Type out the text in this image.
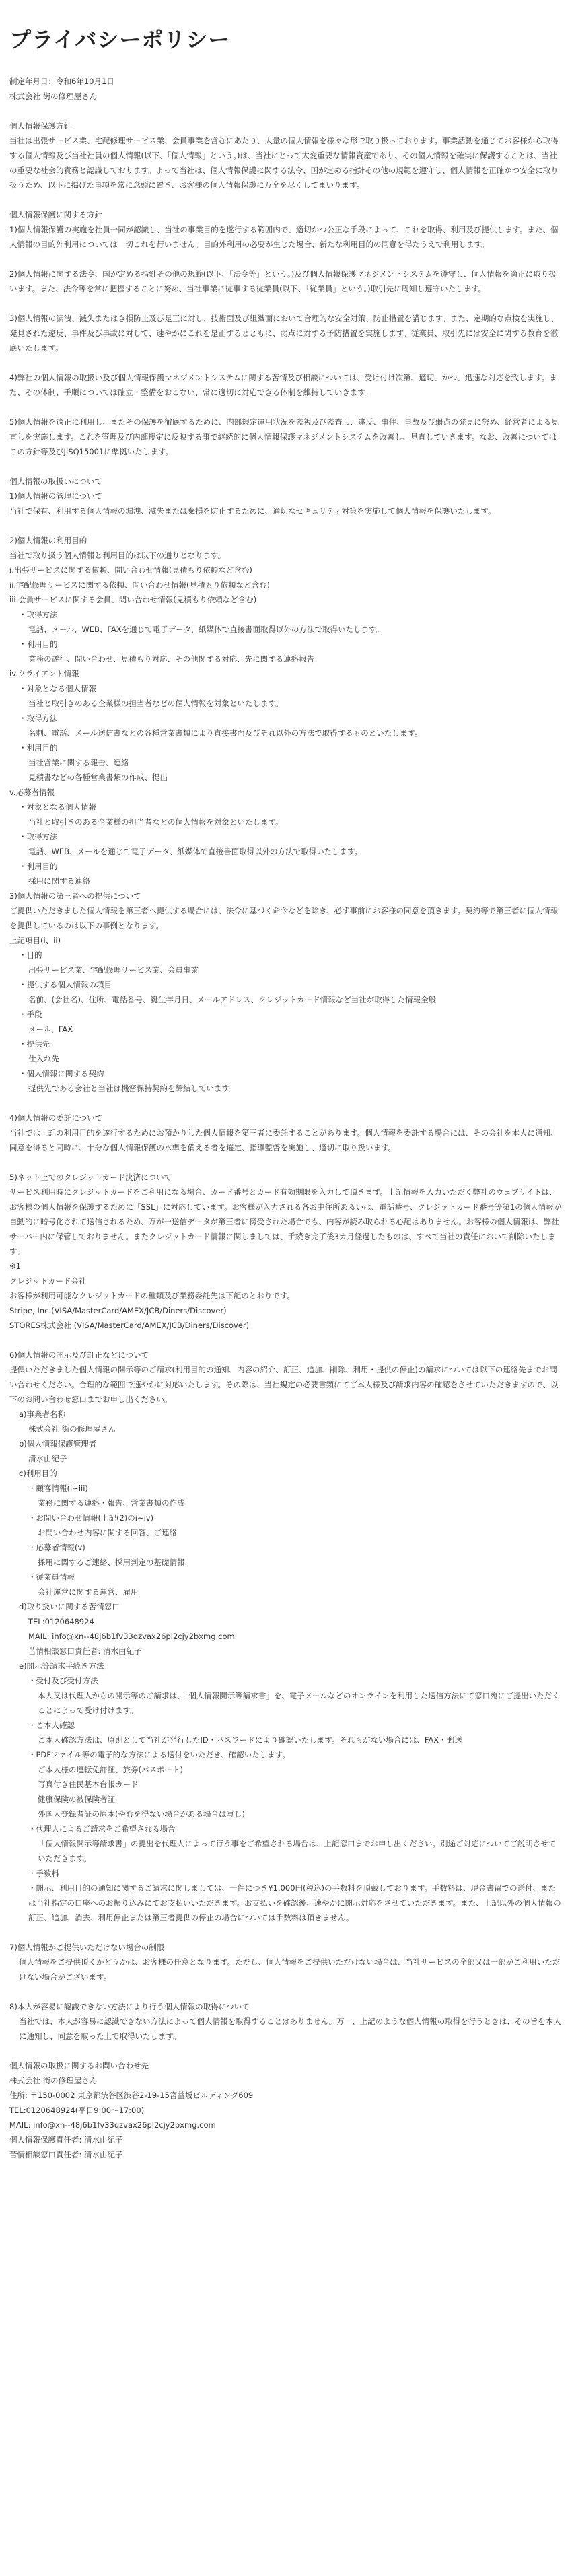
プライバシーポリシー

制定年月日：令和6年10月1日

株式会社 街の修理屋さん

個人情報保護方針

当社は出張サービス業、宅配修理サービス業、会員事業を営むにあたり、大量の個人情報を様々な形で取り扱っております。事業活動を通じてお客様から取得する個人情報及び当社社員の個人情報(以下、「個人情報」という。)は、当社にとって大変重要な情報資産であり、その個人情報を確実に保護することは、当社の重要な社会的責務と認識しております。よって当社は、個人情報保護に関する法令、国が定める指針その他の規範を遵守し、個人情報を正確かつ安全に取り扱うため、以下に掲げた事項を常に念頭に置き、お客様の個人情報保護に万全を尽くしてまいります。

個人情報保護に関する方針

1)個人情報保護の実施を社員一同が認識し、当社の事業目的を遂行する範囲内で、適切かつ公正な手段によって、これを取得、利用及び提供します。また、個人情報の目的外利用については一切これを行いません。目的外利用の必要が生じた場合、新たな利用目的の同意を得たうえで利用します。

2)個人情報に関する法令、国が定める指針その他の規範(以下、「法令等」という。)及び個人情報保護マネジメントシステムを遵守し、個人情報を適正に取り扱います。また、法令等を常に把握することに努め、当社事業に従事する従業員(以下、「従業員」という。)取引先に周知し遵守いたします。

3)個人情報の漏洩、滅失またはき損防止及び是正に対し、技術面及び組織面において合理的な安全対策、防止措置を講じます。また、定期的な点検を実施し、発見された違反、事件及び事故に対して、速やかにこれを是正するとともに、弱点に対する予防措置を実施します。従業員、取引先には安全に関する教育を徹底いたします。

4)弊社の個人情報の取扱い及び個人情報保護マネジメントシステムに関する苦情及び相談については、受け付け次第、適切、かつ、迅速な対応を致します。また、その体制、手順については確立・整備をおこない、常に適切に対応できる体制を維持していきます。

5)個人情報を適正に利用し、またその保護を徹底するために、内部規定運用状況を監視及び監査し、違反、事件、事故及び弱点の発見に努め、経営者による見直しを実施します。これを管理及び内部規定に反映する事で継続的に個人情報保護マネジメントシステムを改善し、見直していきます。なお、改善についてはこの方針等及びJISQ15001に準拠いたします。

個人情報の取扱いについて

1)個人情報の管理について

当社で保有、利用する個人情報の漏洩、滅失または棄損を防止するために、適切なセキュリティ対策を実施して個人情報を保護いたします。

2)個人情報の利用目的

当社で取り扱う個人情報と利用目的は以下の通りとなります。

i.出張サービスに関する依頼、問い合わせ情報(見積もり依頼など含む)

ii.宅配修理サービスに関する依頼、問い合わせ情報(見積もり依頼など含む)

iii.会員サービスに関する会員、問い合わせ情報(見積もり依頼など含む)

・取得方法

電話、メール、WEB、FAXを通じて電子データ、紙媒体で直接書面取得以外の方法で取得いたします。

・利用目的

業務の遂行、問い合わせ、見積もり対応、その他関する対応、先に関する連絡報告

iv.クライアント情報

・対象となる個人情報

当社と取引きのある企業様の担当者などの個人情報を対象といたします。

・取得方法

名刺、電話、メール送信書などの各種営業書類により直接書面及びそれ以外の方法で取得するものといたします。

・利用目的

当社営業に関する報告、連絡

見積書などの各種営業書類の作成、提出

v.応募者情報

・対象となる個人情報

当社と取引きのある企業様の担当者などの個人情報を対象といたします。

・取得方法

電話、WEB、メールを通じて電子データ、紙媒体で直接書面取得以外の方法で取得いたします。

・利用目的

採用に関する連絡

3)個人情報の第三者への提供について

ご提供いただきました個人情報を第三者へ提供する場合には、法令に基づく命令などを除き、必ず事前にお客様の同意を頂きます。契約等で第三者に個人情報を提供しているのは以下の事例となります。

上記項目(i、ii)

・目的

出張サービス業、宅配修理サービス業、会員事業

・提供する個人情報の項目

名前、(会社名)、住所、電話番号、誕生年月日、メールアドレス、クレジットカード情報など当社が取得した情報全般

・手段

メール、FAX

・提供先

仕入れ先

・個人情報に関する契約

提供先である会社と当社は機密保持契約を締結しています。

4)個人情報の委託について

当社では上記の利用目的を遂行するためにお預かりした個人情報を第三者に委託することがあります。個人情報を委託する場合には、その会社を本人に通知、同意を得ると同時に、十分な個人情報保護の水準を備える者を選定、指導監督を実施し、適切に取り扱います。

5)ネット上でのクレジットカード決済について

サービス利用時にクレジットカードをご利用になる場合、カード番号とカード有効期限を入力して頂きます。上記情報を入力いただく弊社のウェブサイトは、お客様の個人情報を保護するために「SSL」に対応しています。お客様が入力される各お中住所あるいは、電話番号、クレジットカード番号等第1の個人情報が自動的に暗号化されて送信されるため、万が一送信データが第三者に傍受された場合でも、内容が読み取られる心配はありません。お客様の個人情報は、弊社サーバー内に保管しておりません。またクレジットカード情報に関しましては、手続き完了後3カ月経過したものは、すべて当社の責任において削除いたします。

※1

クレジットカード会社

お客様が利用可能なクレジットカードの種類及び業務委託先は下記のとおりです。

Stripe, Inc.(VISA/MasterCard/AMEX/JCB/Diners/Discover)

STORES株式会社 (VISA/MasterCard/AMEX/JCB/Diners/Discover)

6)個人情報の開示及び訂正などについて

提供いただきました個人情報の開示等のご請求(利用目的の通知、内容の紹介、訂正、追加、削除、利用・提供の停止)の請求については以下の連絡先までお問い合わせください。合理的な範囲で速やかに対応いたします。その際は、当社規定の必要書類にてご本人様及び請求内容の確認をさせていただきますので、以下のお問い合わせ窓口までお申し出ください。

a)事業者名称

株式会社 街の修理屋さん

b)個人情報保護管理者

清水由紀子

c)利用目的

・顧客情報(i~iii)

業務に関する連絡・報告、営業書類の作成

・お問い合わせ情報(上記(2)のi~iv)

お問い合わせ内容に関する回答、ご連絡

・応募者情報(v)

採用に関するご連絡、採用判定の基礎情報

・従業員情報

会社運営に関する運営、雇用

d)取り扱いに関する苦情窓口

TEL:0120648924

MAIL: info@xn--48j6b1fv33qzvax26pl2cjy2bxmg.com

苦情相談窓口責任者: 清水由紀子

e)開示等請求手続き方法

・受付及び受付方法

本人又は代理人からの開示等のご請求は、「個人情報開示等請求書」を、電子メールなどのオンラインを利用した送信方法にて窓口宛にご提出いただくことによって受け付けます。

・ご本人確認

ご本人確認方法は、原則として当社が発行したID・パスワードにより確認いたします。それらがない場合には、FAX・郵送

・PDFファイル等の電子的な方法による送付をいただき、確認いたします。

ご本人様の運転免許証、旅券(パスポート)

写真付き住民基本台帳カード

健康保険の被保険者証

外国人登録者証の原本(やむを得ない場合がある場合は写し)

・代理人によるご請求をご希望される場合

「個人情報開示等請求書」の提出を代理人によって行う事をご希望される場合は、上記窓口までお申し出ください。別途ご対応についてご説明させていただきます。

・手数料

・開示、利用目的の通知に関するご請求に関しましては、一件につき¥1,000円(税込)の手数料を頂戴しております。手数料は、現金書留での送付、または当社指定の口座へのお振り込みにてお支払いいただきます。お支払いを確認後、速やかに開示対応をさせていただきます。また、上記以外の個人情報の訂正、追加、消去、利用停止または第三者提供の停止の場合については手数料は頂きません。

7)個人情報がご提供いただけない場合の制限

個人情報をご提供頂くかどうかは、お客様の任意となります。ただし、個人情報をご提供いただけない場合は、当社サービスの全部又は一部がご利用いただけない場合がございます。

8)本人が容易に認識できない方法により行う個人情報の取得について

当社では、本人が容易に認識できない方法によって個人情報を取得することはありません。万一、上記のような個人情報の取得を行うときは、その旨を本人に通知し、同意を取った上で取得いたします。

個人情報の取扱に関するお問い合わせ先

株式会社 街の修理屋さん

住所: 〒150-0002 東京都渋谷区渋谷2-19-15宮益坂ビルディング609

TEL:0120648924(平日9:00〜17:00)

MAIL: info@xn--48j6b1fv33qzvax26pl2cjy2bxmg.com

個人情報保護責任者: 清水由紀子

苦情相談窓口責任者: 清水由紀子
